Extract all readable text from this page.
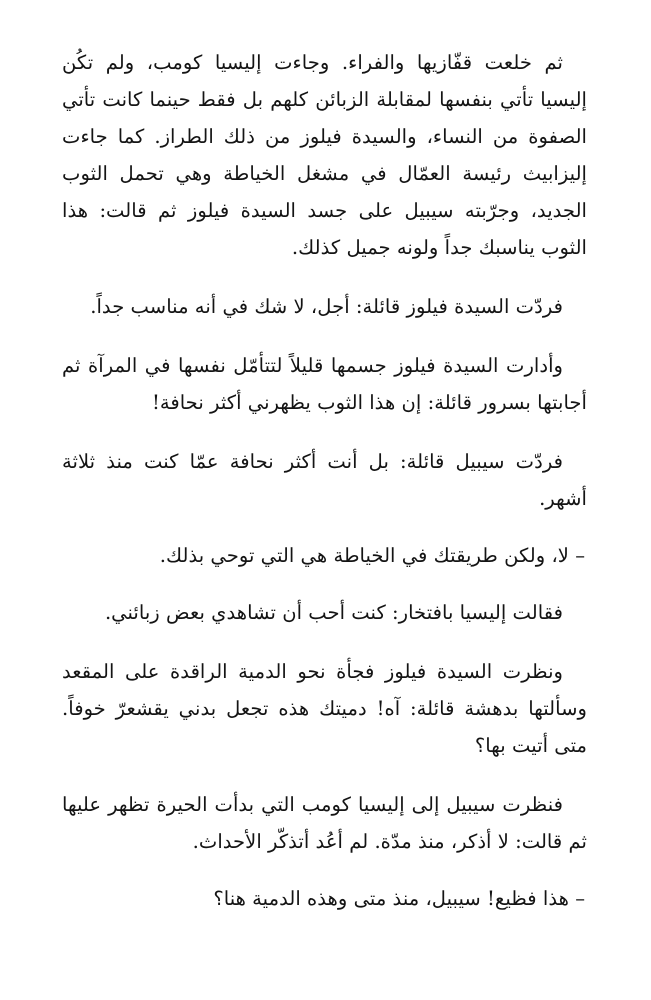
ثم خلعت قفّازيها والفراء. وجاءت إليسيا كومب، ولم تكُن إليسيا تأتي بنفسها لمقابلة الزبائن كلهم بل فقط حينما كانت تأتي الصفوة من النساء، والسيدة فيلوز من ذلك الطراز. كما جاءت إليزابيث رئيسة العمّال في مشغل الخياطة وهي تحمل الثوب الجديد، وجرّبته سيبيل على جسد السيدة فيلوز ثم قالت: هذا الثوب يناسبك جداً ولونه جميل كذلك.

فردّت السيدة فيلوز قائلة: أجل، لا شك في أنه مناسب جداً.

وأدارت السيدة فيلوز جسمها قليلاً لتتأمّل نفسها في المرآة ثم أجابتها بسرور قائلة: إن هذا الثوب يظهرني أكثر نحافة!

فردّت سيبيل قائلة: بل أنت أكثر نحافة عمّا كنت منذ ثلاثة أشهر.

– لا، ولكن طريقتك في الخياطة هي التي توحي بذلك.

فقالت إليسيا بافتخار: كنت أحب أن تشاهدي بعض زبائني.

ونظرت السيدة فيلوز فجأة نحو الدمية الراقدة على المقعد وسألتها بدهشة قائلة: آه! دميتك هذه تجعل بدني يقشعرّ خوفاً. متى أتيت بها؟

فنظرت سيبيل إلى إليسيا كومب التي بدأت الحيرة تظهر عليها ثم قالت: لا أذكر، منذ مدّة. لم أعُد أتذكّر الأحداث.

– هذا فظيع! سيبيل، منذ متى وهذه الدمية هنا؟
